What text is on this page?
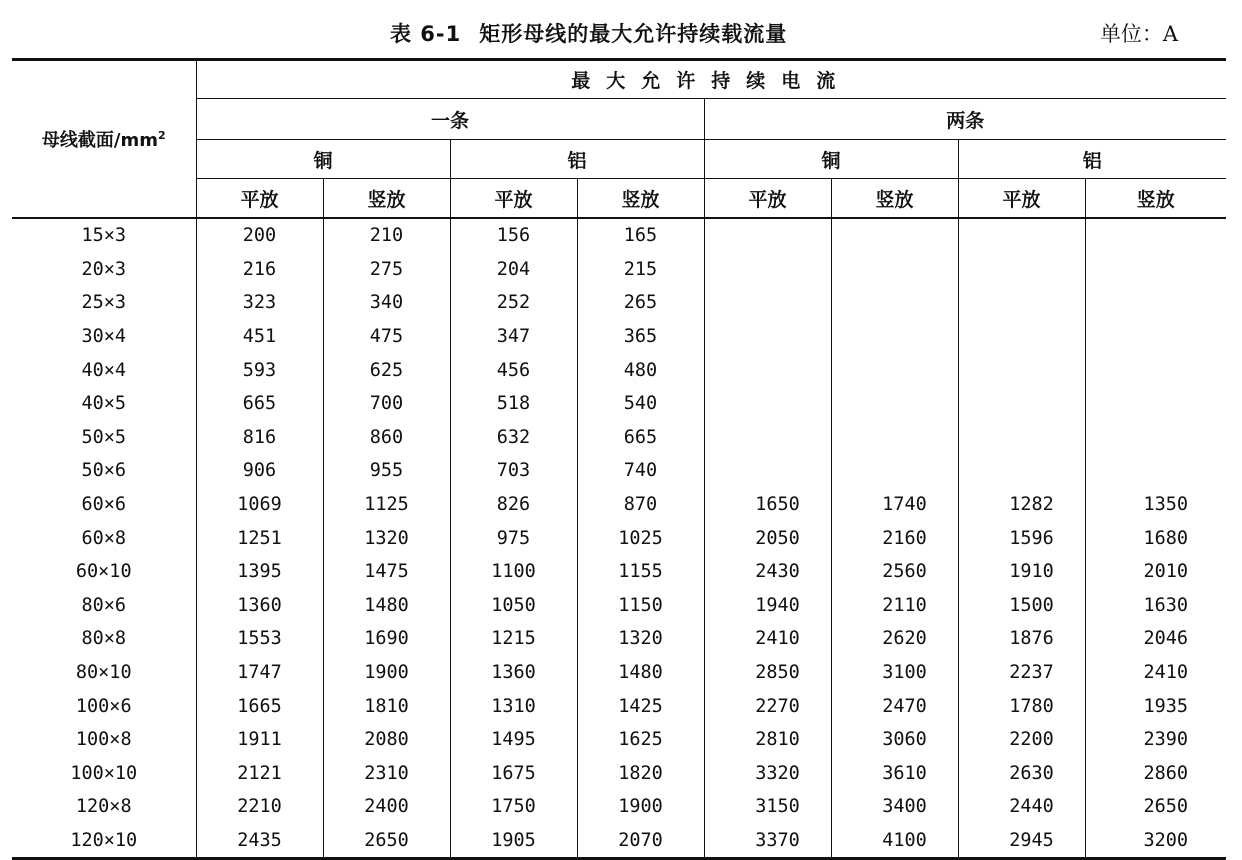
表 6-1 矩形母线的最大允许持续载流量	单位：A
母线截面$/mm^2$	最大允许持续电流							
	一条				两条			
	铜		铝		铜		铝	
	平放	竖放	平放	竖放	平放	竖放	平放	竖放
15×3	200	210	156	165				
20×3	216	275	204	215				
25×3	323	340	252	265				
30×4	451	475	347	365				
40×4	593	625	456	480				
40×5	665	700	518	540				
50×5	816	860	632	665				
50×6	906	955	703	740				
60×6	1069	1125	826	870	1650	1740	1282	1350
60×8	1251	1320	975	1025	2050	2160	1596	1680
60×10	1395	1475	1100	1155	2430	2560	1910	2010
80×6	1360	1480	1050	1150	1940	2110	1500	1630
80×8	1553	1690	1215	1320	2410	2620	1876	2046
80×10	1747	1900	1360	1480	2850	3100	2237	2410
100×6	1665	1810	1310	1425	2270	2470	1780	1935
100×8	1911	2080	1495	1625	2810	3060	2200	2390
100×10	2121	2310	1675	1820	3320	3610	2630	2860
120×8	2210	2400	1750	1900	3150	3400	2440	2650
120×10	2435	2650	1905	2070	3370	4100	2945	3200
